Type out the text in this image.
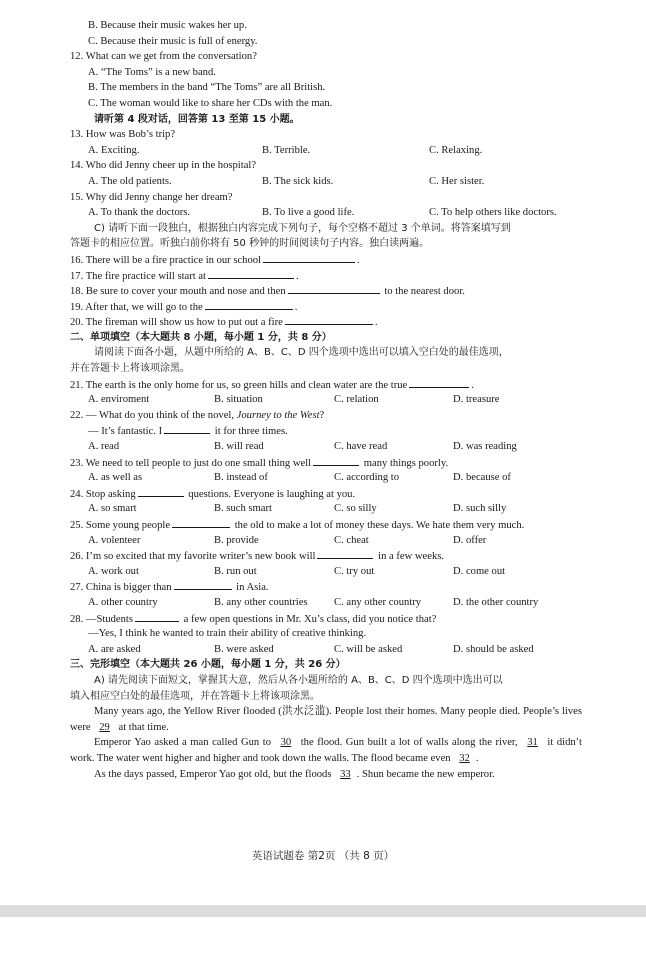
B. Because their music wakes her up.
C. Because their music is full of energy.
12. What can we get from the conversation?
A. “The Toms” is a new band.
B. The members in the band “The Toms” are all British.
C. The woman would like to share her CDs with the man.
请听第 4 段对话，回答第 13 至第 15 小题。
13. How was Bob’s trip?
A. Exciting.	B. Terrible.	C. Relaxing.
14. Who did Jenny cheer up in the hospital?
A. The old patients.	B. The sick kids.	C. Her sister.
15. Why did Jenny change her dream?
A. To thank the doctors.	B. To live a good life.	C. To help others like doctors.
C) 请听下面一段独白，根据独白内容完成下列句子，每个空格不超过 3 个单词。将答案填写到
答题卡的相应位置。听独白前你将有 50 秒钟的时间阅读句子内容。独白读两遍。
16. There will be a fire practice in our school	.
17. The fire practice will start at	.
18. Be sure to cover your mouth and nose and then	to the nearest door.
19. After that, we will go to the	.
20. The fireman will show us how to put out a fire	.
二、单项填空（本大题共 8 小题，每小题 1 分，共 8 分）
请阅读下面各小题，从题中所给的 A、B、C、D 四个选项中选出可以填入空白处的最佳选项，
并在答题卡上将该项涂黑。
21. The earth is the only home for us, so green hills and clean water are the true	.
A. enviroment	B. situation	C. relation	D. treasure
22. — What do you think of the novel, Journey to the West?
— It’s fantastic. I	it for three times.
A. read	B. will read	C. have read	D. was reading
23. We need to tell people to just do one small thing well	many things poorly.
A. as well as	B. instead of	C. according to	D. because of
24. Stop asking	questions. Everyone is laughing at you.
A. so smart	B. such smart	C. so silly	D. such silly
25. Some young people	the old to make a lot of money these days. We hate them very much.
A. volenteer	B. provide	C. cheat	D. offer
26. I’m so excited that my favorite writer’s new book will	in a few weeks.
A. work out	B. run out	C. try out	D. come out
27. China is bigger than	in Asia.
A. other country	B. any other countries	C. any other country	D. the other country
28. —Students	a few open questions in Mr. Xu’s class, did you notice that?
—Yes, I think he wanted to train their ability of creative thinking.
A. are asked	B. were asked	C. will be asked	D. should be asked
三、完形填空（本大题共 26 小题，每小题 1 分，共 26 分）
A) 请先阅读下面短文，掌握其大意，然后从各小题所给的 A、B、C、D 四个选项中选出可以
填入相应空白处的最佳选项，并在答题卡上将该项涂黑。
Many years ago, the Yellow River flooded (洪水泛滥). People lost their homes. Many people died. People’s lives were 29 at that time.
Emperor Yao asked a man called Gun to 30 the flood. Gun built a lot of walls along the river, 31 it didn’t work. The water went higher and higher and took down the walls. The flood became even 32 .
As the days passed, Emperor Yao got old, but the floods 33 . Shun became the new emperor.
英语试题卷 第2页 （共 8 页）
